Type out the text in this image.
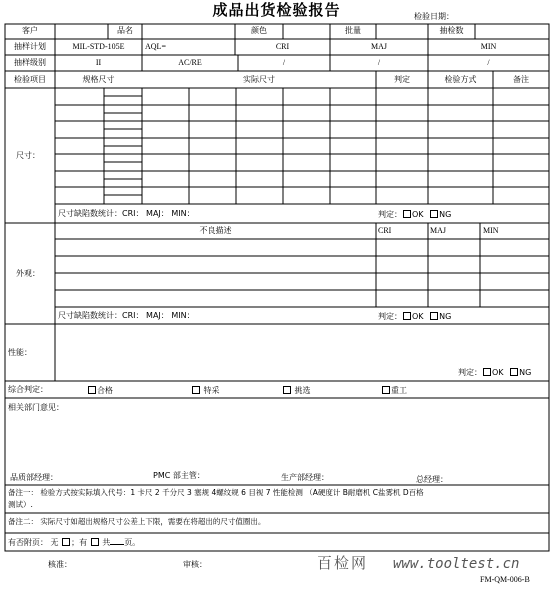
成品出货检验报告	检验日期：
客户	品名	颜色	批量	抽检数
抽样计划	MIL-STD-105E	AQL=	CRI	MAJ	MIN
抽样级别	II	AC/RE	/	/	/
检验项目	规格尺寸	实际尺寸	判定	检验方式	备注
尺寸：
尺寸缺陷数统计：CRI： MAJ： MIN：	判定： OK NG
外观：
不良描述	CRI	MAJ	MIN
尺寸缺陷数统计：CRI： MAJ： MIN：	判定： OK NG
性能：
判定： OK NG
综合判定：	合格	特采	挑选	重工
相关部门意见：
品质部经理：	PMC 部主管：	生产部经理：	总经理：
备注一： 检验方式按实际填入代号：1 卡尺 2 千分尺 3 塞规 4螺纹规 6 目视 7 性能检测 （A硬度计 B耐磨机 C盐雾机 D百格
测试）.
备注二： 实际尺寸如超出规格尺寸公差上下限，需要在将超出的尺寸值圈出。
有否附页： 无 ；有 共 页。
核准：	审核：	百检网 www.tooltest.cn
FM-QM-006-B
